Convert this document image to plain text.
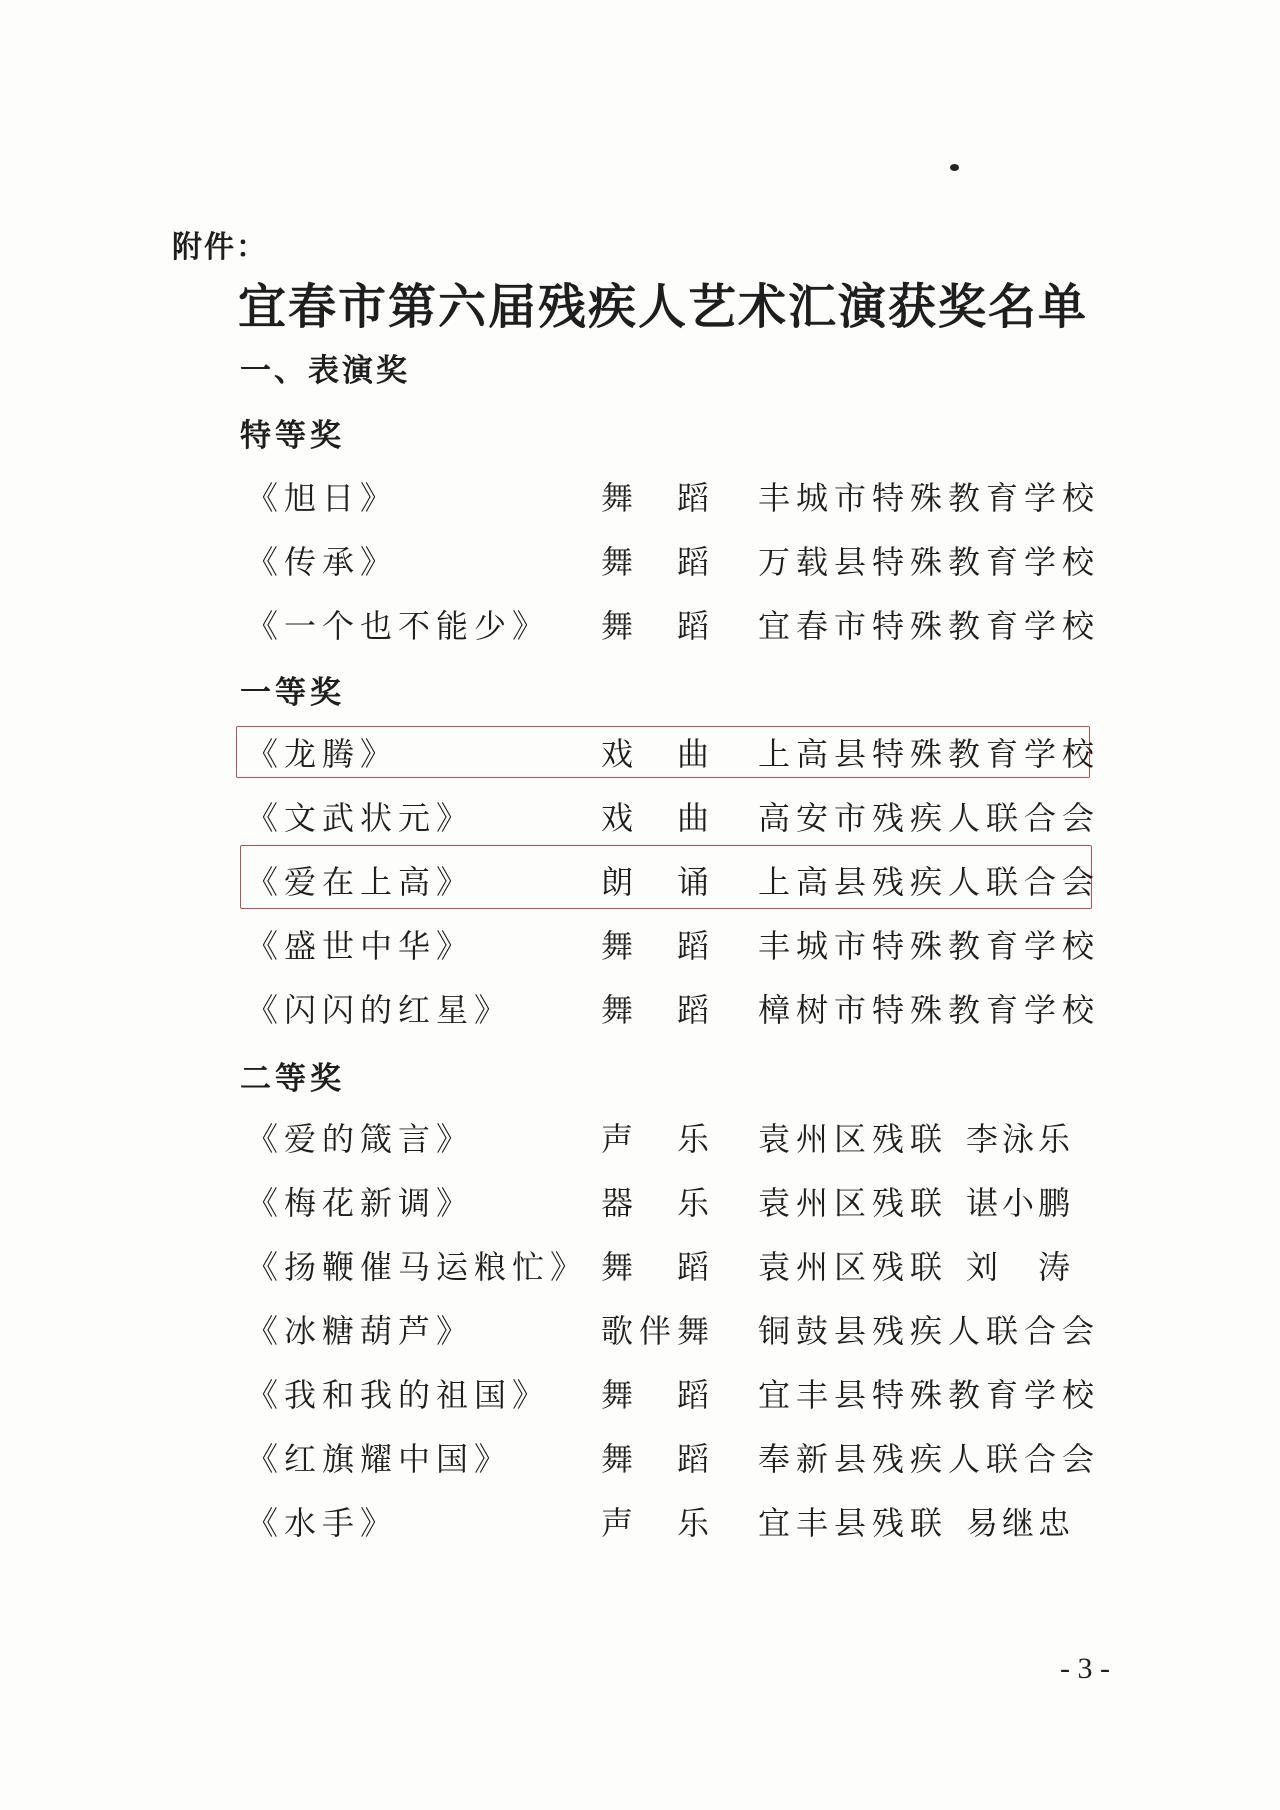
附件：
宜春市第六届残疾人艺术汇演获奖名单
一、表演奖
特等奖
《旭日》	舞　蹈 丰城市特殊教育学校
《传承》	舞　蹈 万载县特殊教育学校
《一个也不能少》 舞　蹈 宜春市特殊教育学校
一等奖
《龙腾》	戏　曲 上高县特殊教育学校
《文武状元》	戏　曲 高安市残疾人联合会
《爱在上高》	朗　诵 上高县残疾人联合会
《盛世中华》	舞　蹈 丰城市特殊教育学校
《闪闪的红星》	舞　蹈 樟树市特殊教育学校
二等奖
《爱的箴言》	声　乐 袁州区残联 李泳乐
《梅花新调》	器　乐 袁州区残联 谌小鹏
《扬鞭催马运粮忙》 舞　蹈 袁州区残联 刘　涛
《冰糖葫芦》	歌伴舞 铜鼓县残疾人联合会
《我和我的祖国》 舞　蹈 宜丰县特殊教育学校
《红旗耀中国》	舞　蹈 奉新县残疾人联合会
《水手》	声　乐 宜丰县残联 易继忠
- 3 -
